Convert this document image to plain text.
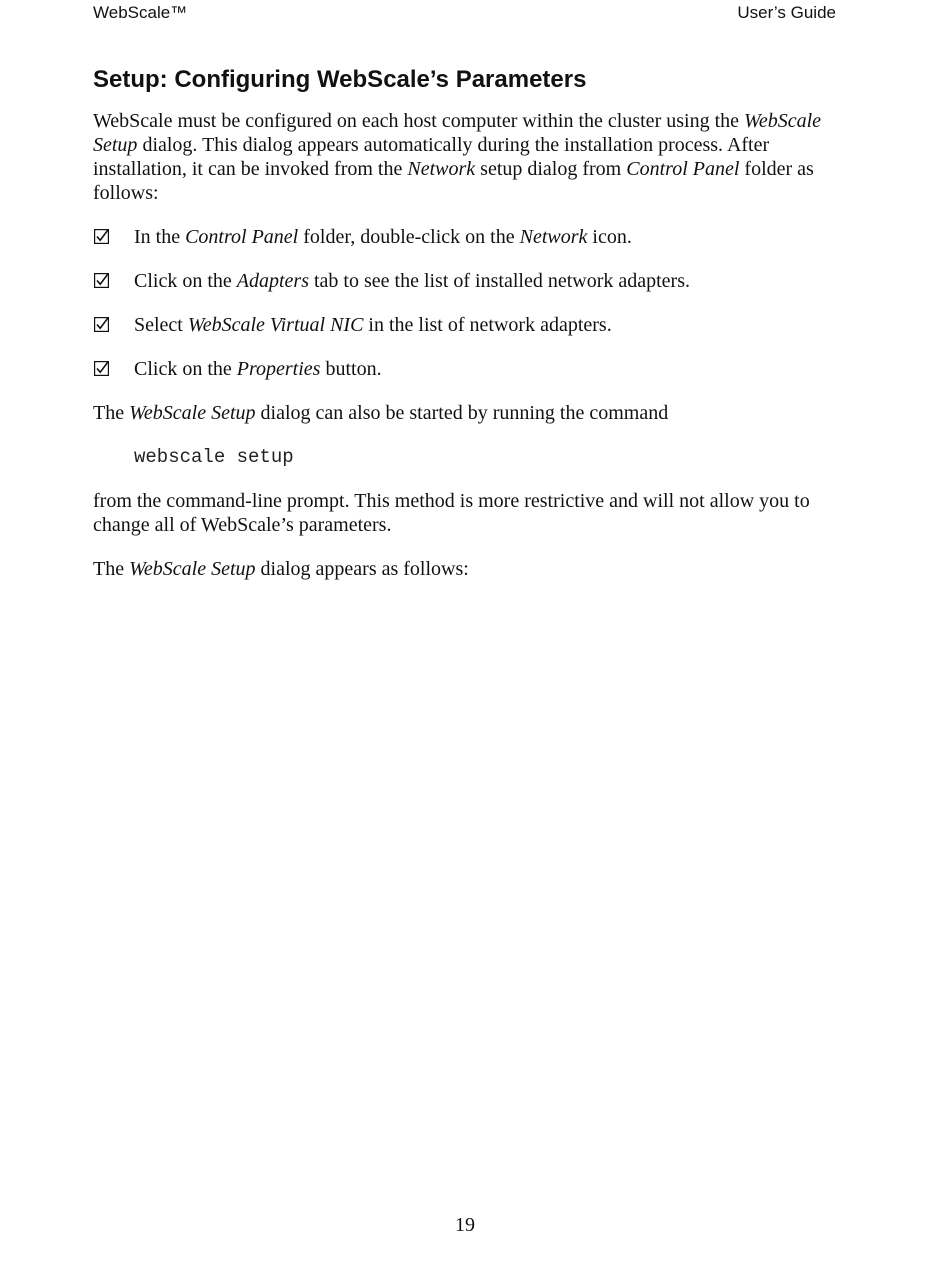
WebScale™	User’s Guide
Setup: Configuring WebScale’s Parameters

WebScale must be configured on each host computer within the cluster using the WebScale Setup dialog. This dialog appears automatically during the installation process. After installation, it can be invoked from the Network setup dialog from Control Panel folder as follows:

In the Control Panel folder, double-click on the Network icon.
Click on the Adapters tab to see the list of installed network adapters.
Select WebScale Virtual NIC in the list of network adapters.
Click on the Properties button.

The WebScale Setup dialog can also be started by running the command

webscale setup

from the command-line prompt. This method is more restrictive and will not allow you to change all of WebScale’s parameters.

The WebScale Setup dialog appears as follows:

19
